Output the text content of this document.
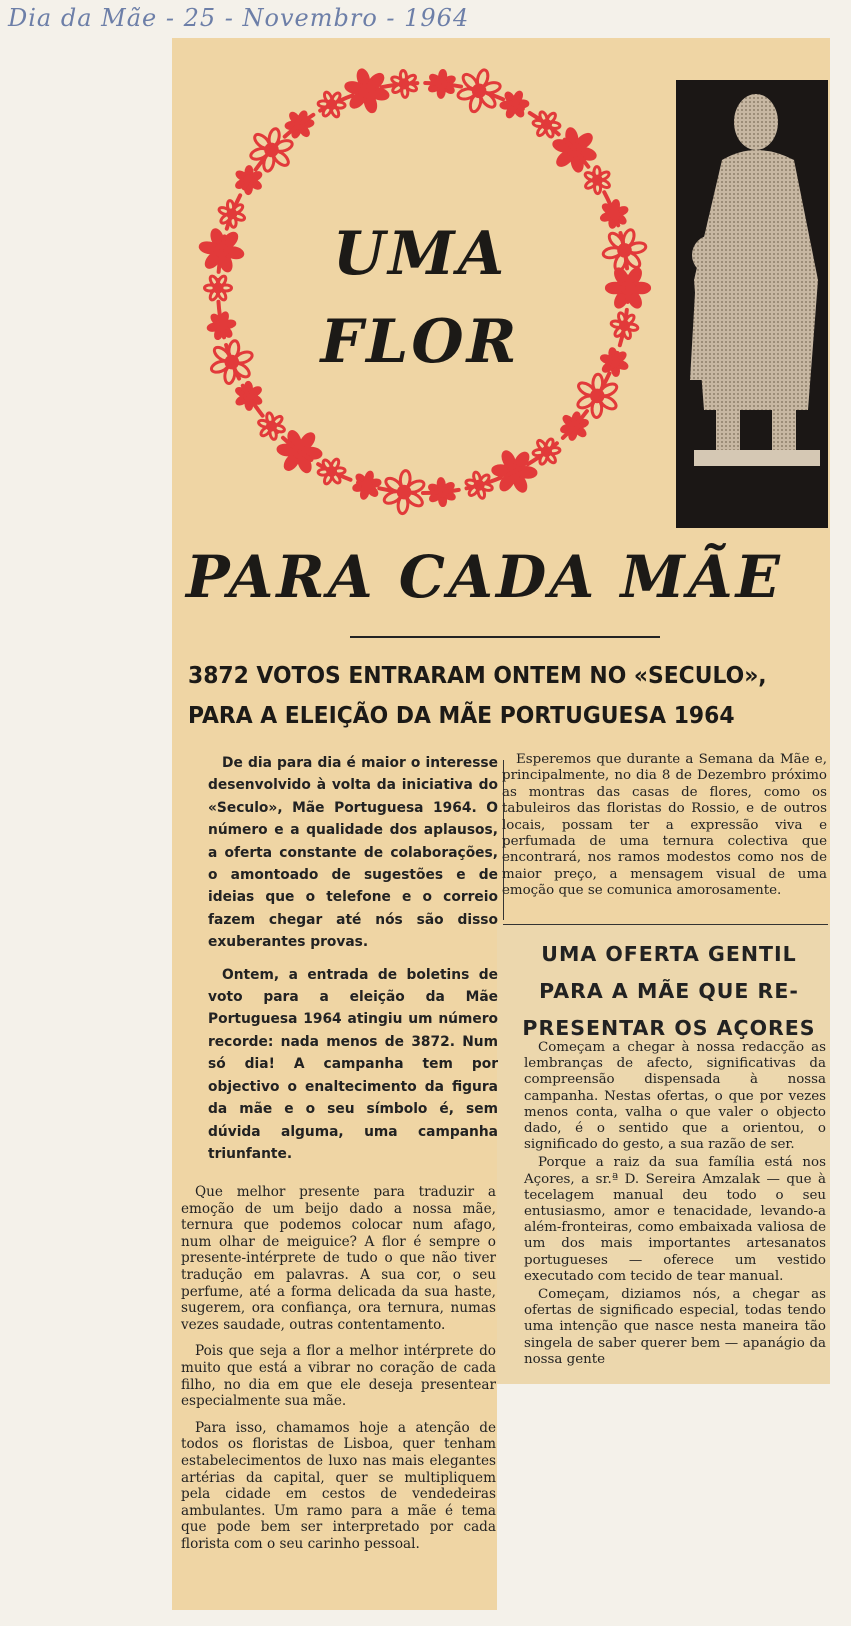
Dia da Mãe - 25 - Novembro - 1964
UMA
FLOR
PARA CADA MÃE
3872 VOTOS ENTRARAM ONTEM NO «SECULO»,
PARA A ELEIÇÃO DA MÃE PORTUGUESA 1964

De dia para dia é maior o interesse desenvolvido à volta da iniciativa do «Seculo», Mãe Portuguesa 1964. O número e a qualidade dos aplausos, a oferta constante de colaborações, o amontoado de sugestões e de ideias que o telefone e o correio fazem chegar até nós são disso exuberantes provas.

Ontem, a entrada de boletins de voto para a eleição da Mãe Portuguesa 1964 atingiu um número recorde: nada menos de 3872. Num só dia! A campanha tem por objectivo o enaltecimento da figura da mãe e o seu símbolo é, sem dúvida alguma, uma campanha triunfante.

Que melhor presente para traduzir a emoção de um beijo dado a nossa mãe, ternura que podemos colocar num afago, num olhar de meiguice? A flor é sempre o presente-intérprete de tudo o que não tiver tradução em palavras. A sua cor, o seu perfume, até a forma delicada da sua haste, sugerem, ora confiança, ora ternura, numas vezes saudade, outras contentamento.

Pois que seja a flor a melhor intérprete do muito que está a vibrar no coração de cada filho, no dia em que ele deseja presentear especialmente sua mãe.

Para isso, chamamos hoje a atenção de todos os floristas de Lisboa, quer tenham estabelecimentos de luxo nas mais elegantes artérias da capital, quer se multipliquem pela cidade em cestos de vendedeiras ambulantes. Um ramo para a mãe é tema que pode bem ser interpretado por cada florista com o seu carinho pessoal.

Esperemos que durante a Semana da Mãe e, principalmente, no dia 8 de Dezembro próximo as montras das casas de flores, como os tabuleiros das floristas do Rossio, e de outros locais, possam ter a expressão viva e perfumada de uma ternura colectiva que encontrará, nos ramos modestos como nos de maior preço, a mensagem visual de uma emoção que se comunica amorosamente.

UMA OFERTA GENTIL
PARA A MÃE QUE RE-
PRESENTAR OS AÇORES

Começam a chegar à nossa redacção as lembranças de afecto, significativas da compreensão dispensada à nossa campanha. Nestas ofertas, o que por vezes menos conta, valha o que valer o objecto dado, é o sentido que a orientou, o significado do gesto, a sua razão de ser.

Porque a raiz da sua família está nos Açores, a sr.ª D. Sereira Amzalak — que à tecelagem manual deu todo o seu entusiasmo, amor e tenacidade, levando-a além-fronteiras, como embaixada valiosa de um dos mais importantes artesanatos portugueses — oferece um vestido executado com tecido de tear manual.

Começam, diziamos nós, a chegar as ofertas de significado especial, todas tendo uma intenção que nasce nesta maneira tão singela de saber querer bem — apanágio da nossa gente
